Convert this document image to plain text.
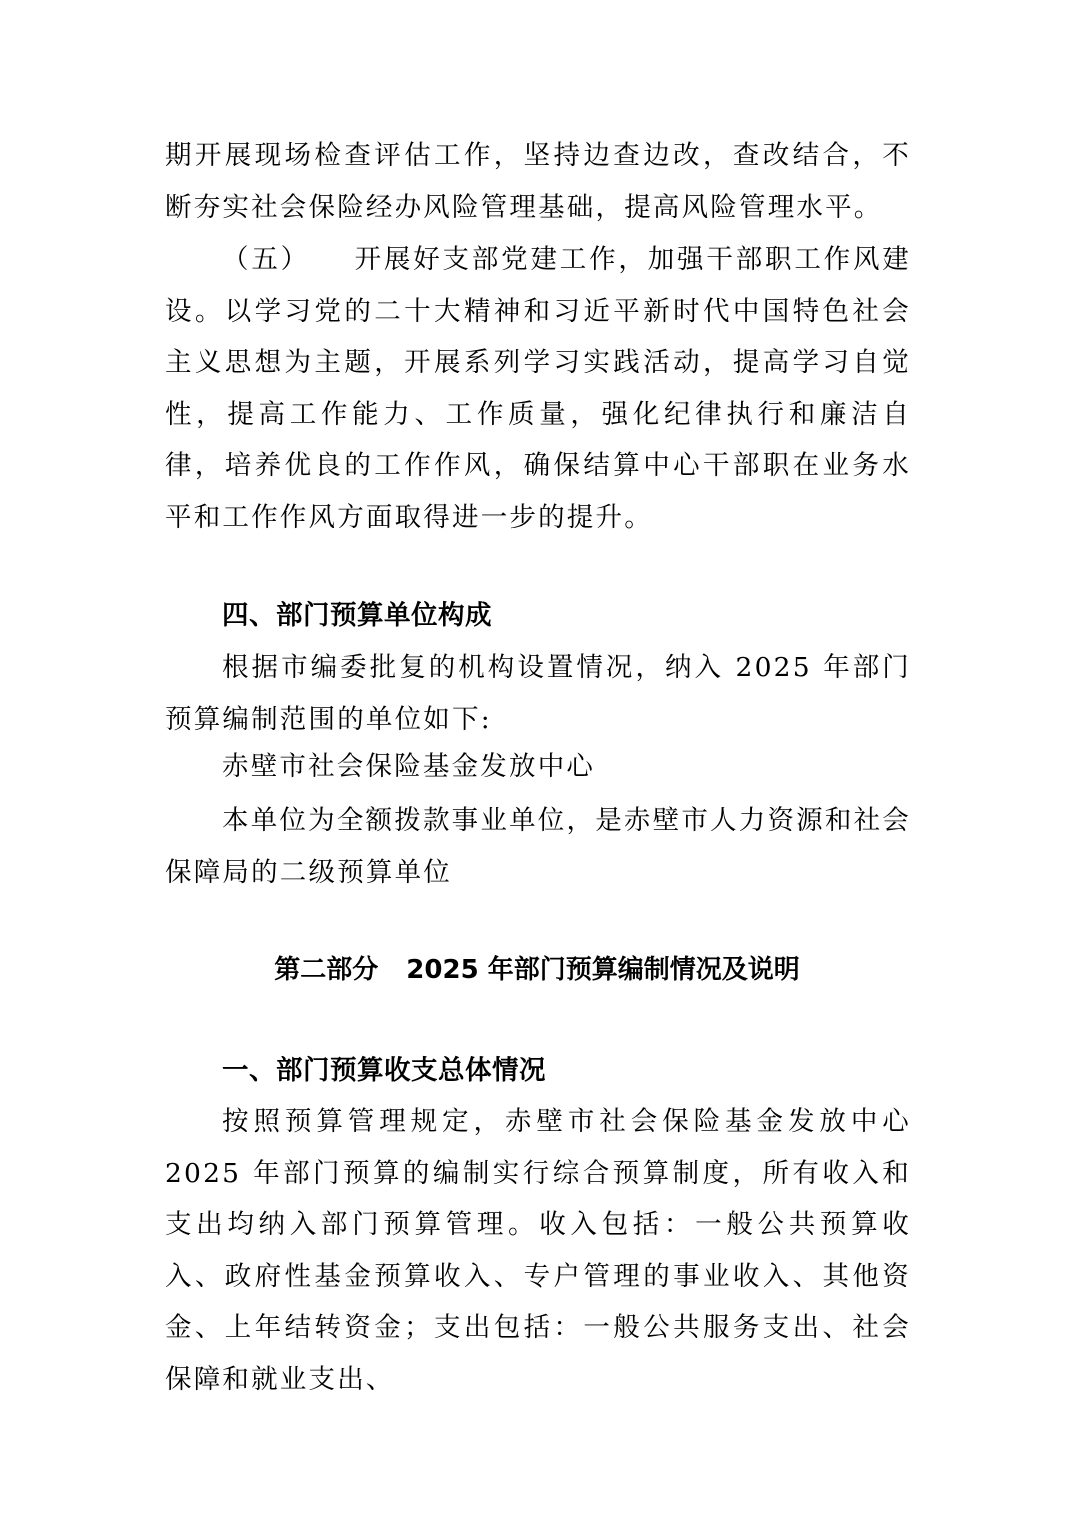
期开展现场检查评估工作，坚持边查边改，查改结合，不断夯实社会保险经办风险管理基础，提高风险管理水平。

（五） 开展好支部党建工作，加强干部职工作风建设。以学习党的二十大精神和习近平新时代中国特色社会主义思想为主题，开展系列学习实践活动，提高学习自觉性，提高工作能力、工作质量，强化纪律执行和廉洁自律，培养优良的工作作风，确保结算中心干部职在业务水平和工作作风方面取得进一步的提升。

四、部门预算单位构成

根据市编委批复的机构设置情况，纳入 2025 年部门预算编制范围的单位如下:

赤壁市社会保险基金发放中心

本单位为全额拨款事业单位，是赤壁市人力资源和社会保障局的二级预算单位

第二部分 2025 年部门预算编制情况及说明
一、部门预算收支总体情况

按照预算管理规定，赤壁市社会保险基金发放中心 2025 年部门预算的编制实行综合预算制度，所有收入和支出均纳入部门预算管理。收入包括：一般公共预算收入、政府性基金预算收入、专户管理的事业收入、其他资金、上年结转资金；支出包括：一般公共服务支出、社会保障和就业支出、
